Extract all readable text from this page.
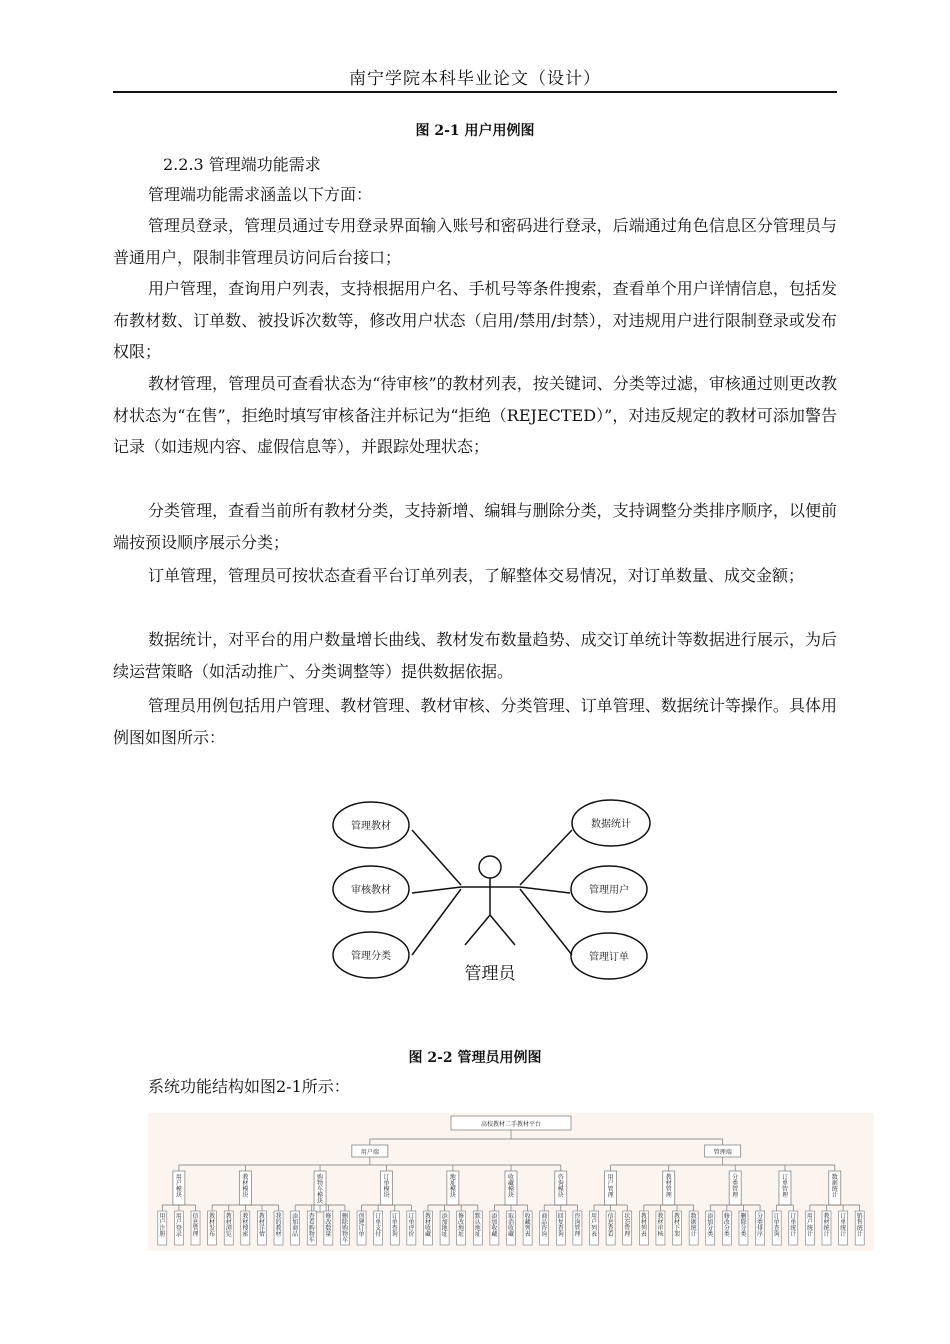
南宁学院本科毕业论文（设计）
图 2-1 用户用例图
2.2.3 管理端功能需求
管理端功能需求涵盖以下方面：
管理员登录，管理员通过专用登录界面输入账号和密码进行登录，后端通过角色信息区分管理员与普通用户，限制非管理员访问后台接口；
用户管理，查询用户列表，支持根据用户名、手机号等条件搜索，查看单个用户详情信息，包括发布教材数、订单数、被投诉次数等，修改用户状态（启用/禁用/封禁），对违规用户进行限制登录或发布权限；
教材管理，管理员可查看状态为“待审核”的教材列表，按关键词、分类等过滤，审核通过则更改教材状态为“在售”，拒绝时填写审核备注并标记为“拒绝（REJECTED）”，对违反规定的教材可添加警告记录（如违规内容、虚假信息等），并跟踪处理状态；
分类管理，查看当前所有教材分类，支持新增、编辑与删除分类，支持调整分类排序顺序，以便前端按预设顺序展示分类；
订单管理，管理员可按状态查看平台订单列表，了解整体交易情况，对订单数量、成交金额；
数据统计，对平台的用户数量增长曲线、教材发布数量趋势、成交订单统计等数据进行展示，为后续运营策略（如活动推广、分类调整等）提供数据依据。
管理员用例包括用户管理、教材管理、教材审核、分类管理、订单管理、数据统计等操作。具体用例图如图所示：
管理教材
审核教材
管理分类
数据统计
管理用户
管理订单
管理员
图 2-2 管理员用例图
系统功能结构如图2-1所示：
高校教材二手教材平台
用户端
用户模块
用户注册
用户登录
信息管理
教材模块
教材发布
教材浏览
教材搜索
教材详情
我的教材
购物车模块
添加商品
查看购物车
修改数量
删除购物车
订单模块
创建订单
订单支付
订单查询
订单评价
地址模块
教材收藏
添加地址
修改地址
默认地址
收藏模块
添加收藏
取消收藏
收藏列表
咨询模块
商品咨询
回复查询
咨询管理
管理端
用户管理
用户列表
信息查看
状态管理
教材管理
教材列表
教材审核
教材下架
数据统计
分类管理
添加分类
修改分类
删除分类
分类排序
订单管理
订单查询
订单统计
数据统计
用户统计
教材统计
订单统计
销售统计
